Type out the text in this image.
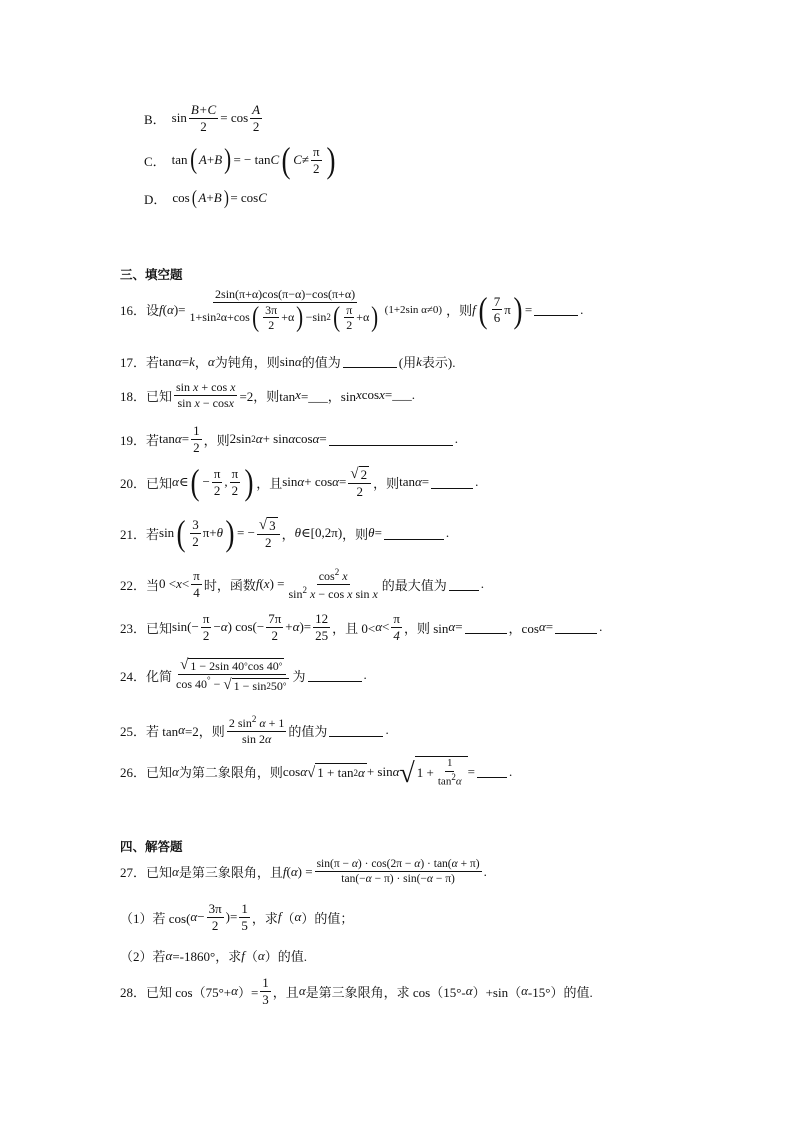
B． $\sin \frac{B+C}{2} = \cos \frac{A}{2}$
C． tan ( A + B ) = − tan C ( $C \ne \frac{\pi}{2}$ )
D． cos ( A + B ) = cos C
三、填空题
16．设 f ( α )= $\frac{2\sin(\pi+\alpha)\cos(\pi-\alpha)-\cos(\pi+\alpha)}{1+\sin 2 \alpha+\cos ( \frac{3\pi}{2} +\alpha ) -\sin 2 ( \frac{\pi}{2} +\alpha )} (1+2\sin$ α≠0) ，则 f ( $\frac{7}{6}$ π ) =	.
17．若 tan α = k ， α 为钝角，则 sin α 的值为	(用 k 表示).
18．已知 $\frac{\text{sin x + cos x}}{\text{sin x − cosx}} =2$，则tan x =___，sin x cos x =___.
19．若 $\tan \alpha = \frac{1}{2}$ ，则 2sin 2 α + sin α cos α =	.
20．已知 α ∈ ( − $\frac{\pi}{2}$ , $\frac{\pi}{2}$ ) ，且 $\sin \alpha + \cos \alpha = \frac{√ 2}{2}$ ，则 tan α =	.
21．若 sin ( $\frac{3}{2} \pi+ \theta$ ) = − $\frac{√ 3}{2}$ ， θ ∈[0,2π) ，则 θ =	.
22．当 $0 < x < \frac{\pi}{4}$ 时，函数 f ( x ) = $\frac{\cos^2 x}{\sin^2 x - \cos x \sin x}$ 的最大值为	.
23．已知 $\sin(- \frac{\pi}{2} - \alpha$ ) $\cos(- \frac{7\pi}{2} + \alpha$ )= $\frac{12}{25}$ ，且 $0< \alpha < \frac{\pi}{4}$ ，则 sin α =	，cos α =	.
24．化简 $\frac{√ 1 - 2\sin 40 ^\circ \cos 40 ^\circ}{\cos 40^\circ - √ 1 - \sin 2 50 ^\circ}$ 为	.
25．若 tan α =2，则 $\frac{2 \sin^2 \alpha + 1}{\sin 2\alpha}$ 的值为	.
26．已知 α 为第二象限角，则 cos α √ 1 + tan 2 α + sin α √ $1 + \frac{1}{\tan^2\alpha}$ =	.
四、解答题
27．已知 α 是第三象限角，且 f ( α ) = $\frac{\sin(\pi - \alpha) \cdot \cos(2\pi - \alpha) \cdot \tan(\alpha + \pi)}{\tan(-\alpha - \pi) \cdot \sin(-\alpha - \pi)}$ .
（1）若 cos( $\alpha - \frac{3\pi}{2}$ )= $\frac{1}{5}$ ，求 f （ α ） 的值；
（2）若 α =-1860°，求 f （ α ） 的值.
28．已知 cos（75°+ α ）= $\frac{1}{3}$ ，且 α 是第三象限角，求 cos（15°- α ）+sin（ α -15°）的值.
